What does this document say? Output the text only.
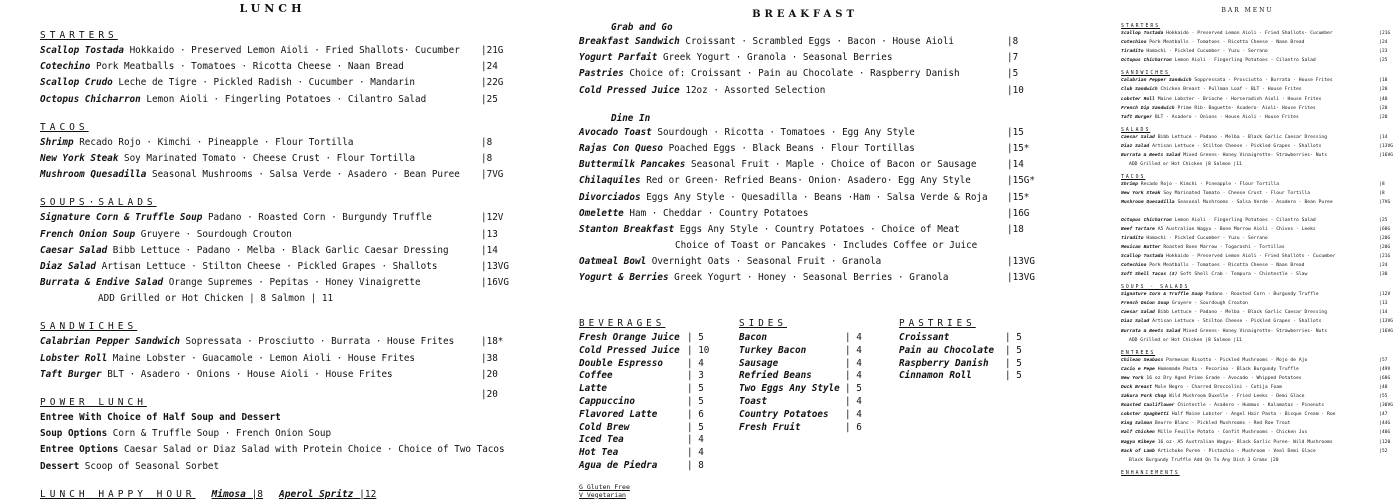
LUNCH
STARTERS
Scallop Tostada Hokkaido · Preserved Lemon Aioli · Fried Shallots· Cucumber |21G
Cotechino Pork Meatballs · Tomatoes · Ricotta Cheese · Naan Bread	|24
Scallop Crudo Leche de Tigre · Pickled Radish · Cucumber · Mandarin	|22G
Octopus Chicharron Lemon Aioli · Fingerling Potatoes · Cilantro Salad	|25
TACOS
Shrimp Recado Rojo · Kimchi · Pineapple · Flour Tortilla	|8
New York Steak Soy Marinated Tomato · Cheese Crust · Flour Tortilla	|8
Mushroom Quesadilla Seasonal Mushrooms · Salsa Verde · Asadero · Bean Puree |7VG
SOUPS·SALADS
Signature Corn & Truffle Soup Padano · Roasted Corn · Burgundy Truffle	|12V
French Onion Soup Gruyere · Sourdough Crouton	|13
Caesar Salad Bibb Lettuce · Padano · Melba · Black Garlic Caesar Dressing	|14
Diaz Salad Artisan Lettuce · Stilton Cheese · Pickled Grapes · Shallots	|13VG
Burrata & Endive Salad Orange Supremes · Pepitas · Honey Vinaigrette	|16VG
ADD Grilled or Hot Chicken | 8 Salmon | 11
SANDWICHES
Calabrian Pepper Sandwich Sopressata · Prosciutto · Burrata · House Frites	|18*
Lobster Roll Maine Lobster · Guacamole · Lemon Aioli · House Frites	|38
Taft Burger BLT · Asadero · Onions · House Aioli · House Frites	|20
|20
POWER LUNCH
Entree With Choice of Half Soup and Dessert
Soup Options Corn & Truffle Soup · French Onion Soup
Entree Options Caesar Salad or Diaz Salad with Protein Choice · Choice of Two Tacos
Dessert Scoop of Seasonal Sorbet
LUNCH HAPPY HOUR Mimosa |8 Aperol Spritz |12
BREAKFAST
Grab and Go
Breakfast Sandwich Croissant · Scrambled Eggs · Bacon · House Aioli	|8
Yogurt Parfait Greek Yogurt · Granola · Seasonal Berries	|7
Pastries Choice of: Croissant · Pain au Chocolate · Raspberry Danish	|5
Cold Pressed Juice 12oz · Assorted Selection	|10
Dine In
Avocado Toast Sourdough · Ricotta · Tomatoes · Egg Any Style	|15
Rajas Con Queso Poached Eggs · Black Beans · Flour Tortillas	|15*
Buttermilk Pancakes Seasonal Fruit · Maple · Choice of Bacon or Sausage	|14
Chilaquiles Red or Green· Refried Beans· Onion· Asadero· Egg Any Style	|15G*
Divorciados Eggs Any Style · Quesadilla · Beans ·Ham · Salsa Verde & Roja |15*
Omelette Ham · Cheddar · Country Potatoes	|16G
Stanton Breakfast Eggs Any Style · Country Potatoes · Choice of Meat	|18
Choice of Toast or Pancakes · Includes Coffee or Juice
Oatmeal Bowl Overnight Oats · Seasonal Fruit · Granola	|13VG
Yogurt & Berries Greek Yogurt · Honey · Seasonal Berries · Granola	|13VG
BEVERAGES
Fresh Orange Juice | 5
Cold Pressed Juice | 10
Double Espresso	| 4
Coffee	| 3
Latte	| 5
Cappuccino	| 5
Flavored Latte	| 6
Cold Brew	| 5
Iced Tea	| 4
Hot Tea	| 4
Agua de Piedra	| 8
SIDES
Bacon	| 4
Turkey Bacon	| 4
Sausage	| 4
Refried Beans	| 4
Two Eggs Any Style | 5
Toast	| 4
Country Potatoes | 4
Fresh Fruit	| 6
PASTRIES
Croissant	| 5
Pain au Chocolate | 5
Raspberry Danish | 5
Cinnamon Roll	| 5
G Gluten Free
V Vegetarian
BAR MENU
STARTERS
Scallop Tostada Hokkaido · Preserved Lemon Aioli · Fried Shallots· Cucumber	|21G
Cotechino Pork Meatballs · Tomatoes · Ricotta Cheese · Naan Bread	|24
Tiradito Hamachi · Pickled Cucumber · Yuzu · Serrano	|23
Octopus Chicharron Lemon Aioli · Fingerling Potatoes · Cilantro Salad	|25
SANDWICHES
Calabrian Pepper Sandwich Soppressata · Prosciutto · Burrata · House Frites	|18
Club Sandwich Chicken Breast · Pullman Loaf · BLT · House Frites	|20
Lobster Roll Maine Lobster · Brioche · Horseradish Aioli · House Frites	|40
French Dip Sandwich Prime Rib· Baguette· Asadero· Aioli· House Frites	|20
Taft Burger BLT · Asadero · Onions · House Aioli · House Frites	|20
SALADS
Caesar Salad Bibb Lettuce · Padano · Melba · Black Garlic Caesar Dressing	|14
Diaz Salad Artisan Lettuce · Stilton Cheese · Pickled Grapes · Shallots	|13VG
Burrata & Beets Salad Mixed Greens· Honey Vinaigrette· Strawberries· Nuts	|16VG
ADD Grilled or Hot Chicken |8 Salmon |11
TACOS
Shrimp Recado Rojo · Kimchi · Pineapple · Flour Tortilla	|8
New York Steak Soy Marinated Tomato · Cheese Crust · Flour Tortilla	|8
Mushroom Quesadilla Seasonal Mushrooms · Salsa Verde · Asadero · Bean Puree	|7VG
Octopus Chicharron Lemon Aioli · Fingerling Potatoes · Cilantro Salad	|25
Beef Tartare A5 Australian Wagyu · Bone Marrow Aioli · Chives · Leeks	|60G
Tiradito Hamachi · Pickled Cucumber · Yuzu · Serrano	|20G
Mexican Butter Roasted Bone Marrow · Togarashi · Tortillas	|20G
Scallop Tostada Hokkaido · Preserved Lemon Aioli · Fried Shallots · Cucumber	|21G
Cotechino Pork Meatballs · Tomatoes · Ricotta Cheese · Naan Bread	|24
Soft Shell Tacos (3) Soft Shell Crab · Tempura · Chintestle · Slaw	|30
SOUPS · SALADS
Signature Corn & Truffle Soup Padano · Roasted Corn · Burgundy Truffle	|12V
French Onion Soup Gruyere · Sourdough Crouton	|13
Caesar Salad Bibb Lettuce · Padano · Melba · Black Garlic Caesar Dressing	|14
Diaz Salad Artisan Lettuce · Stilton Cheese · Pickled Grapes · Shallots	|13VG
Burrata & Beets Salad Mixed Greens· Honey Vinaigrette· Strawberries· Nuts	|16VG
ADD Grilled or Hot Chicken |8 Salmon |11
ENTREES
Chilean Seabass Parmesan Risotto · Pickled Mushrooms · Mojo de Ajo	|57
Cacio e Pepe Homemade Pasta · Pecorino · Black Burgundy Truffle	|49V
New York 16 oz Dry Aged Prime Grade · Avocado · Whipped Potatoes	|68G
Duck Breast Mole Negro · Charred Broccolini · Cotija Foam	|48
Sakura Pork Chop Wild Mushroom Duxelle · Fried Leeks · Demi Glace	|55
Roasted Cauliflower Chintestle · Asadero · Hummus · Kalamatas · Pinenuts	|30VG
Lobster Spaghetti Half Maine Lobster · Angel Hair Pasta · Bisque Cream · Roe	|47
King Salmon Beurre Blanc · Pickled Mushrooms · Red Roe Trout	|44G
Half Chicken Mille Feuille Potato · Confit Mushrooms · Chicken Jus	|40G
Wagyu Ribeye 16 oz· A5 Australian Wagyu· Black Garlic Puree· Wild Mushrooms	|120
Rack of Lamb Artichoke Puree · Pistachio · Mushroom · Veal Demi Glace	|52
Black Burgundy Truffle Add On To Any Dish 3 Grams |20
ENHANCEMENTS
